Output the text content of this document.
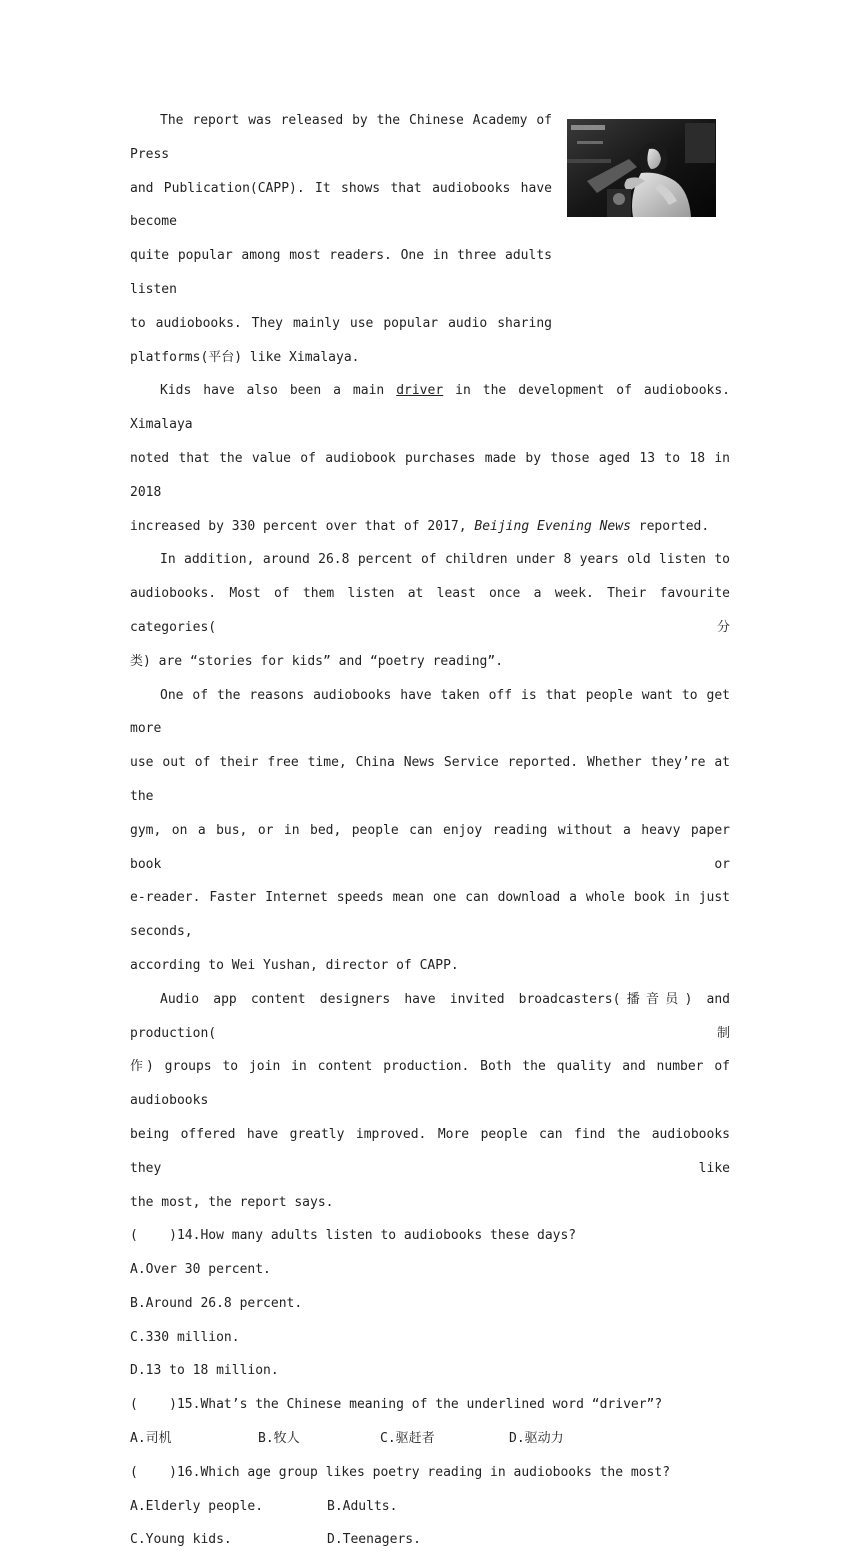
The report was released by the Chinese Academy of Press
and Publication(CAPP). It shows that audiobooks have become
quite popular among most readers. One in three adults listen
to audiobooks. They mainly use popular audio sharing
platforms(平台) like Ximalaya.
Kids have also been a main driver in the development of audiobooks. Ximalaya
noted that the value of audiobook purchases made by those aged 13 to 18 in 2018
increased by 330 percent over that of 2017, Beijing Evening News reported.
In addition, around 26.8 percent of children under 8 years old listen to
audiobooks. Most of them listen at least once a week. Their favourite categories(分
类) are “stories for kids” and “poetry reading”.
One of the reasons audiobooks have taken off is that people want to get more
use out of their free time, China News Service reported. Whether they’re at the
gym, on a bus, or in bed, people can enjoy reading without a heavy paper book or
e-reader. Faster Internet speeds mean one can download a whole book in just seconds,
according to Wei Yushan, director of CAPP.
Audio app content designers have invited broadcasters(播音员) and production(制
作) groups to join in content production. Both the quality and number of audiobooks
being offered have greatly improved. More people can find the audiobooks they like
the most, the report says.
(    )14.How many adults listen to audiobooks these days?
A.Over 30 percent.
B.Around 26.8 percent.
C.330 million.
D.13 to 18 million.
(    )15.What’s the Chinese meaning of the underlined word “driver”?
A.司机	B.牧人	C.驱赶者	D.驱动力
(    )16.Which age group likes poetry reading in audiobooks the most?
A.Elderly people.	B.Adults.
C.Young kids.	D.Teenagers.
